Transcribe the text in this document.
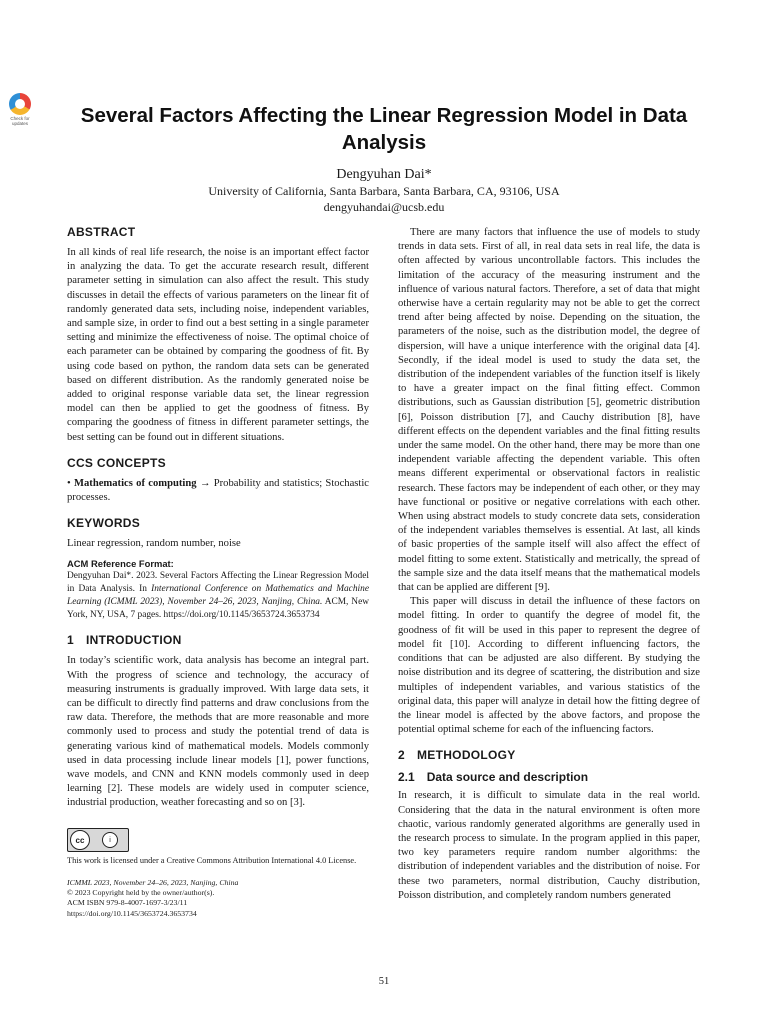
Check for updates	Several Factors Affecting the Linear Regression Model in Data Analysis
Dengyuhan Dai*
University of California, Santa Barbara, Santa Barbara, CA, 93106, USA
dengyuhandai@ucsb.edu
ABSTRACT

In all kinds of real life research, the noise is an important effect factor in analyzing the data. To get the accurate research result, different parameter setting in simulation can also affect the result. This study discusses in detail the effects of various parameters on the linear fit of randomly generated data sets, including noise, independent variables, and sample size, in order to find out a best setting in a single parameter setting and minimize the effectiveness of noise. The optimal choice of each parameter can be obtained by comparing the goodness of fit. By using code based on python, the random data sets can be generated based on different distribution. As the randomly generated noise be added to original response variable data set, the linear regression model can then be applied to get the goodness of fitness. By comparing the goodness of fitness in different parameter settings, the best setting can be found out in different situations.

CCS CONCEPTS

• Mathematics of computing → Probability and statistics; Stochastic processes.

KEYWORDS

Linear regression, random number, noise

ACM Reference Format:

Dengyuhan Dai*. 2023. Several Factors Affecting the Linear Regression Model in Data Analysis. In International Conference on Mathematics and Machine Learning (ICMML 2023), November 24–26, 2023, Nanjing, China. ACM, New York, NY, USA, 7 pages. https://doi.org/10.1145/3653724.3653734

1 INTRODUCTION

In today’s scientific work, data analysis has become an integral part. With the progress of science and technology, the accuracy of measuring instruments is gradually improved. With large data sets, it can be difficult to directly find patterns and draw conclusions from the raw data. Therefore, the methods that are more reasonable and more commonly used to process and study the potential trend of data is generating various kind of mathematical models. Models commonly used in data processing include linear models [1], power functions, wave models, and CNN and KNN models commonly used in deep learning [2]. These models are widely used in computer science, industrial production, weather forecasting and so on [3].

There are many factors that influence the use of models to study trends in data sets. First of all, in real data sets in real life, the data is often affected by various uncontrollable factors. This includes the limitation of the accuracy of the measuring instrument and the influence of various natural factors. Therefore, a set of data that might otherwise have a certain regularity may not be able to get the correct trend after being affected by noise. Depending on the situation, the parameters of the noise, such as the distribution model, the degree of dispersion, will have a unique interference with the original data [4]. Secondly, if the ideal model is used to study the data set, the distribution of the independent variables of the function itself is likely to have a greater impact on the final fitting effect. Common distributions, such as Gaussian distribution [5], geometric distribution [6], Poisson distribution [7], and Cauchy distribution [8], have different effects on the dependent variables and the final fitting results under the same model. On the other hand, there may be more than one independent variable affecting the dependent variable. This often means different experimental or observational factors in realistic research. These factors may be independent of each other, or they may have functional or positive or negative correlations with each other. When using abstract models to study concrete data sets, consideration of the independent variables themselves is essential. At last, all kinds of basic properties of the sample itself will also affect the effect of model fitting to some extent. Statistically and metrically, the spread of the sample size and the data itself means that the mathematical models that can be applied are different [9].

This paper will discuss in detail the influence of these factors on model fitting. In order to quantify the degree of model fit, the goodness of fit will be used in this paper to represent the degree of model fit [10]. According to different influencing factors, the conditions that can be adjusted are also different. By studying the noise distribution and its degree of scattering, the distribution and size multiples of independent variables, and various statistics of the original data, this paper will analyze in detail how the fitting degree of the linear model is affected by the above factors, and propose the potential optimal scheme for each of the influencing factors.

2 METHODOLOGY
2.1 Data source and description

In research, it is difficult to simulate data in the real world. Considering that the data in the natural environment is often more chaotic, various randomly generated algorithms are generally used in the research process to simulate. In the program applied in this paper, two key parameters require random number algorithms: the distribution of independent variables and the distribution of noise. For these two parameters, normal distribution, Cauchy distribution, Poisson distribution, and completely random numbers generated

cc	i
This work is licensed under a Creative Commons Attribution International 4.0 License.
ICMML 2023, November 24–26, 2023, Nanjing, China
© 2023 Copyright held by the owner/author(s).
ACM ISBN 979-8-4007-1697-3/23/11
https://doi.org/10.1145/3653724.3653734
51
